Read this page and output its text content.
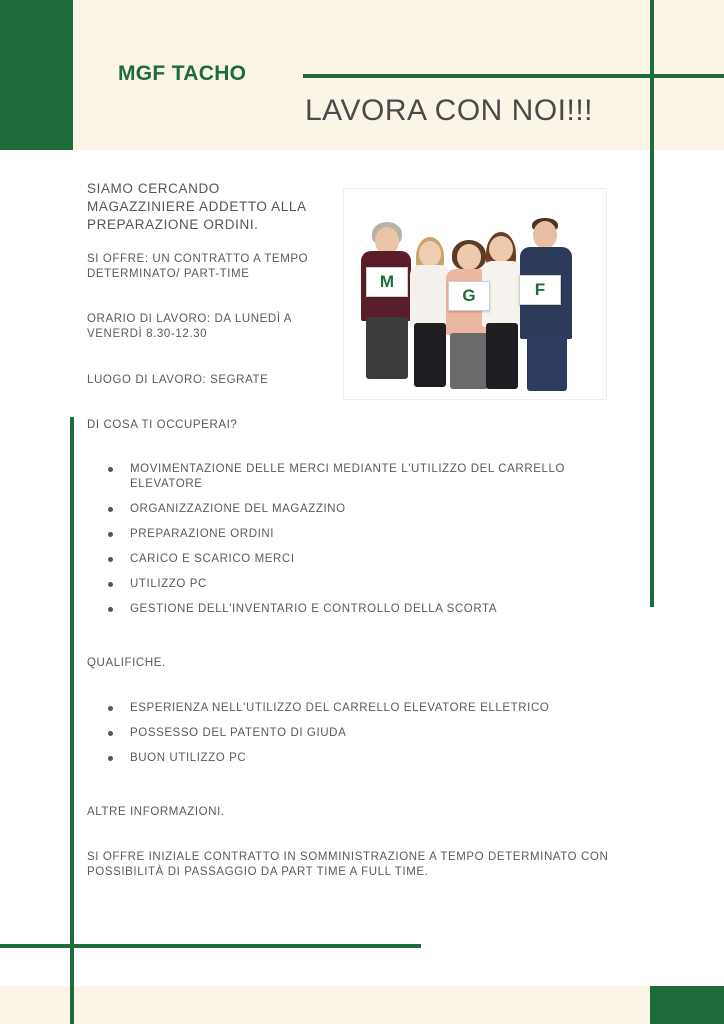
MGF TACHO
LAVORA CON NOI!!!
SIAMO CERCANDO MAGAZZINIERE ADDETTO ALLA PREPARAZIONE ORDINI.
SI OFFRE: UN CONTRATTO A TEMPO DETERMINATO/ PART-TIME
ORARIO DI LAVORO: DA LUNEDÌ A VENERDÌ 8.30-12.30
LUOGO DI LAVORO: SEGRATE
M
G	F
DI COSA TI OCCUPERAI?
MOVIMENTAZIONE DELLE MERCI MEDIANTE L'UTILIZZO DEL CARRELLO ELEVATORE
ORGANIZZAZIONE DEL MAGAZZINO
PREPARAZIONE ORDINI
CARICO E SCARICO MERCI
UTILIZZO PC
GESTIONE DELL'INVENTARIO E CONTROLLO DELLA SCORTA
QUALIFICHE.
ESPERIENZA NELL'UTILIZZO DEL CARRELLO ELEVATORE ELLETRICO
POSSESSO DEL PATENTO DI GIUDA
BUON UTILIZZO PC
ALTRE INFORMAZIONI.
SI OFFRE INIZIALE CONTRATTO IN SOMMINISTRAZIONE A TEMPO DETERMINATO CON POSSIBILITÀ DI PASSAGGIO DA PART TIME A FULL TIME.
